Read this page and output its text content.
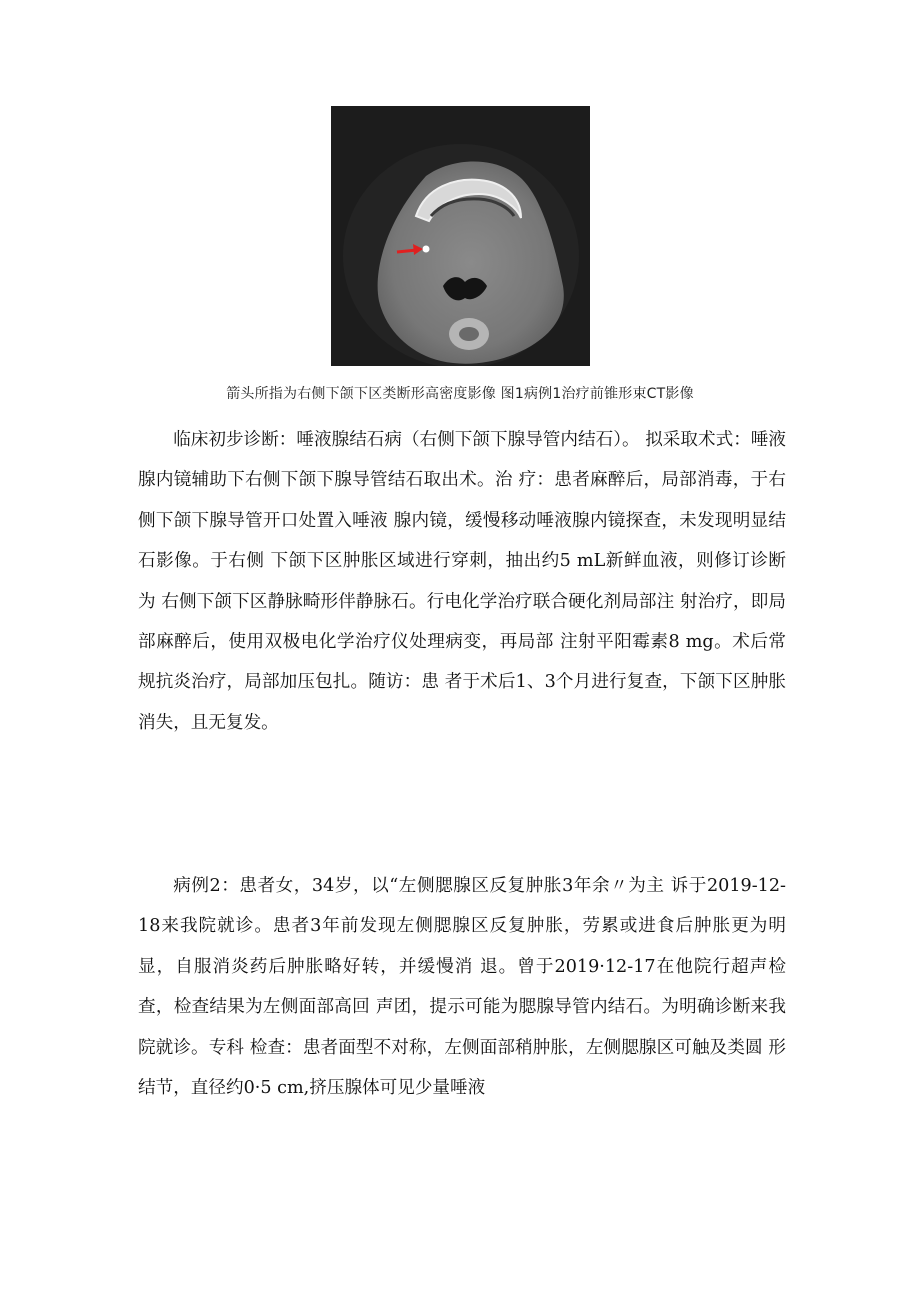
箭头所指为右侧下颌下区类断形高密度影像 图1病例1治疗前锥形束CT影像

临床初步诊断：唾液腺结石病（右侧下颌下腺导管内结石）。 拟采取术式：唾液腺内镜辅助下右侧下颌下腺导管结石取出术。治 疗：患者麻醉后，局部消毒，于右侧下颌下腺导管开口处置入唾液 腺内镜，缓慢移动唾液腺内镜探查，未发现明显结石影像。于右侧 下颌下区肿胀区域进行穿刺，抽出约5 mL新鲜血液，则修订诊断为 右侧下颌下区静脉畸形伴静脉石。行电化学治疗联合硬化剂局部注 射治疗，即局部麻醉后，使用双极电化学治疗仪处理病变，再局部 注射平阳霉素8 mg。术后常规抗炎治疗，局部加压包扎。随访：患 者于术后1、3个月进行复查，下颌下区肿胀消失，且无复发。

病例2：患者女，34岁，以“左侧腮腺区反复肿胀3年余〃为主 诉于2019-12-18来我院就诊。患者3年前发现左侧腮腺区反复肿胀，劳累或进食后肿胀更为明显，自服消炎药后肿胀略好转，并缓慢消 退。曾于2019·12-17在他院行超声检查，检查结果为左侧面部高回 声团，提示可能为腮腺导管内结石。为明确诊断来我院就诊。专科 检查：患者面型不对称，左侧面部稍肿胀，左侧腮腺区可触及类圆 形结节，直径约0·5 cm,挤压腺体可见少量唾液
